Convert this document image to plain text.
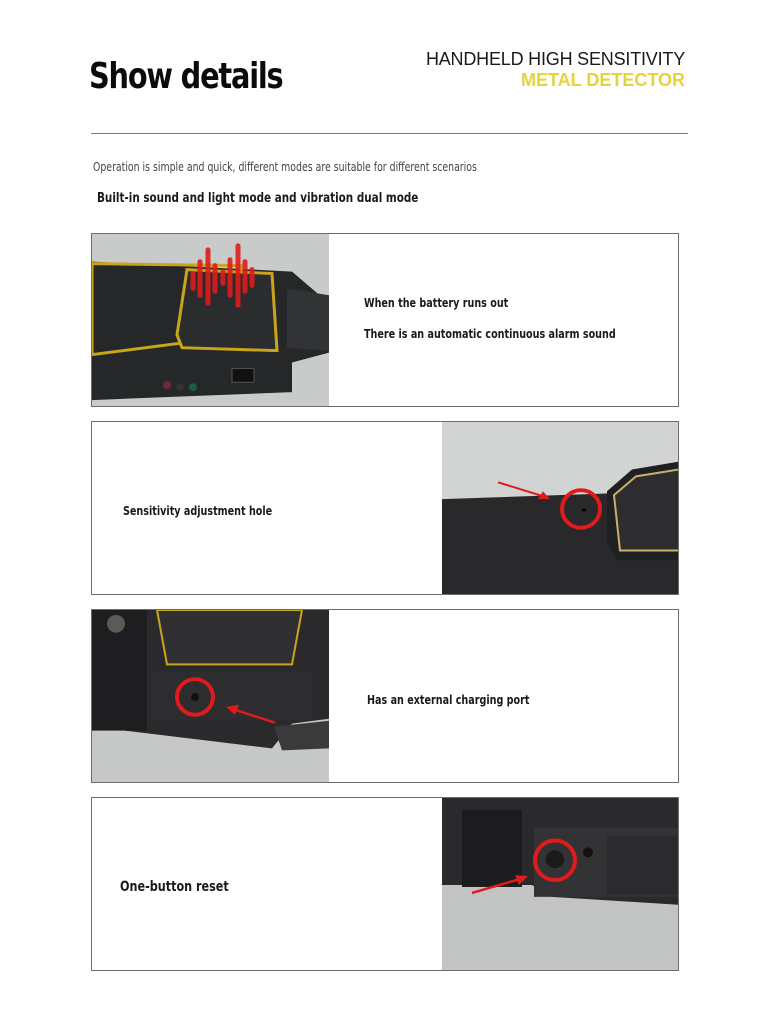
Show details	HANDHELD HIGH SENSITIVITY
METAL DETECTOR
Operation is simple and quick, different modes are suitable for different scenarios
Built-in sound and light mode and vibration dual mode
When the battery runs out
There is an automatic continuous alarm sound
Sensitivity adjustment hole
Has an external charging port
One-button reset
